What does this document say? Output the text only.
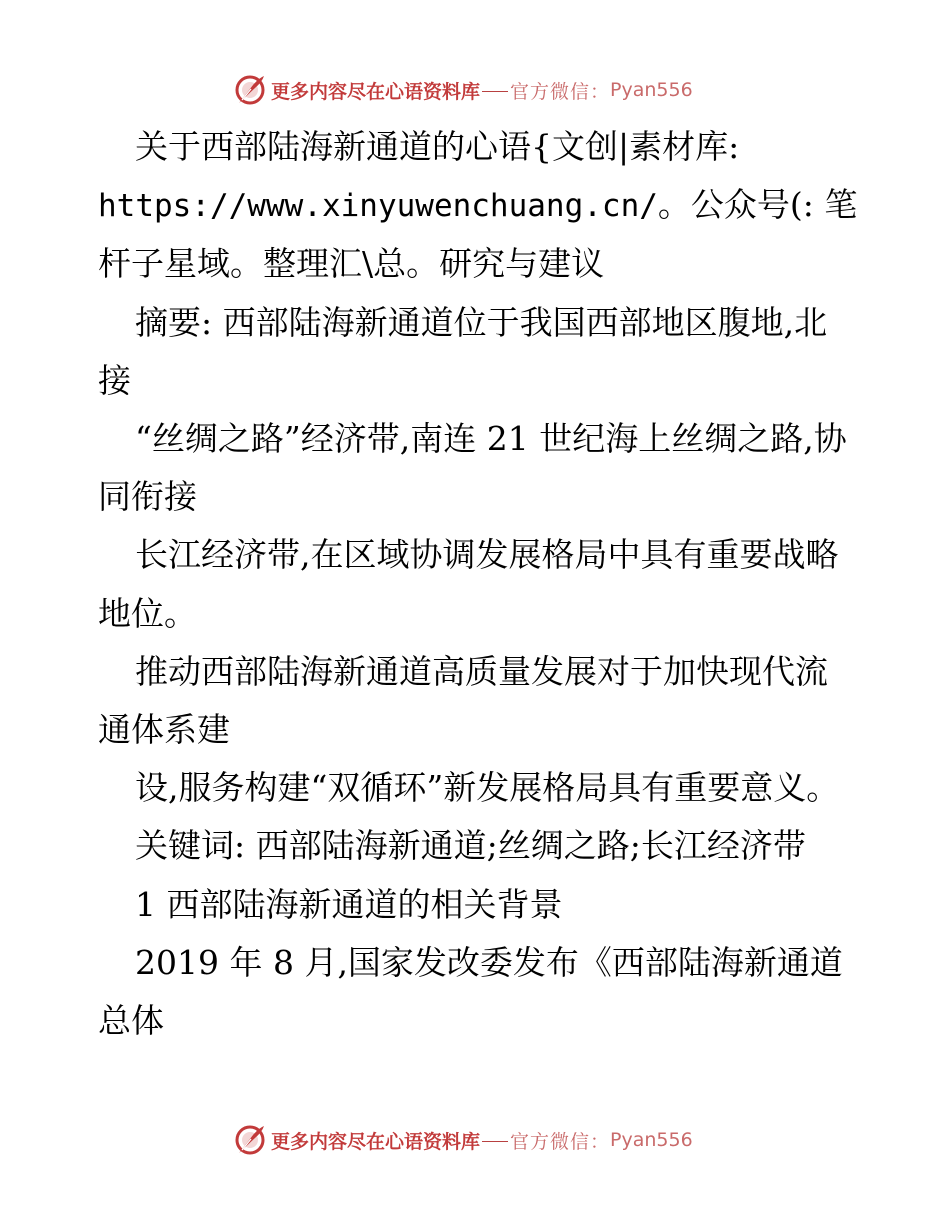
更多内容尽在心语资料库 官方微信： Pyan556

关于西部陆海新通道的心语{文创|素材库:

https://www.xinyuwenchuang.cn/。公众号(: 笔杆子星域。整理汇\总。研究与建议

摘要: 西部陆海新通道位于我国西部地区腹地,北接

“丝绸之路”经济带,南连 21 世纪海上丝绸之路,协同衔接

长江经济带,在区域协调发展格局中具有重要战略地位。

推动西部陆海新通道高质量发展对于加快现代流通体系建

设,服务构建“双循环”新发展格局具有重要意义。

关键词: 西部陆海新通道;丝绸之路;长江经济带

1 西部陆海新通道的相关背景

2019 年 8 月,国家发改委发布《西部陆海新通道总体

更多内容尽在心语资料库 官方微信： Pyan556
